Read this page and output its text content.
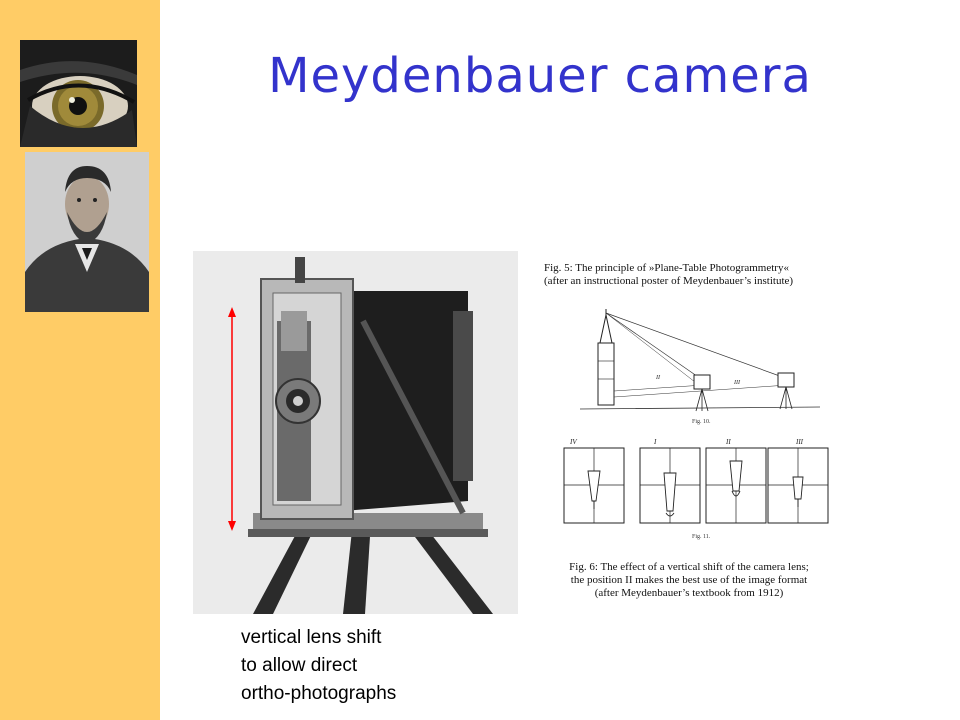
Meydenbauer camera
II
III
IV	I	II	III
Fig. 5: The principle of »Plane-Table Photogrammetry«
(after an instructional poster of Meydenbauer’s institute)
Fig. 10.
Fig. 11.
Fig. 6: The effect of a vertical shift of the camera lens;
the position II makes the best use of the image format
(after Meydenbauer’s textbook from 1912)
vertical lens shift
to allow direct
ortho-photographs
